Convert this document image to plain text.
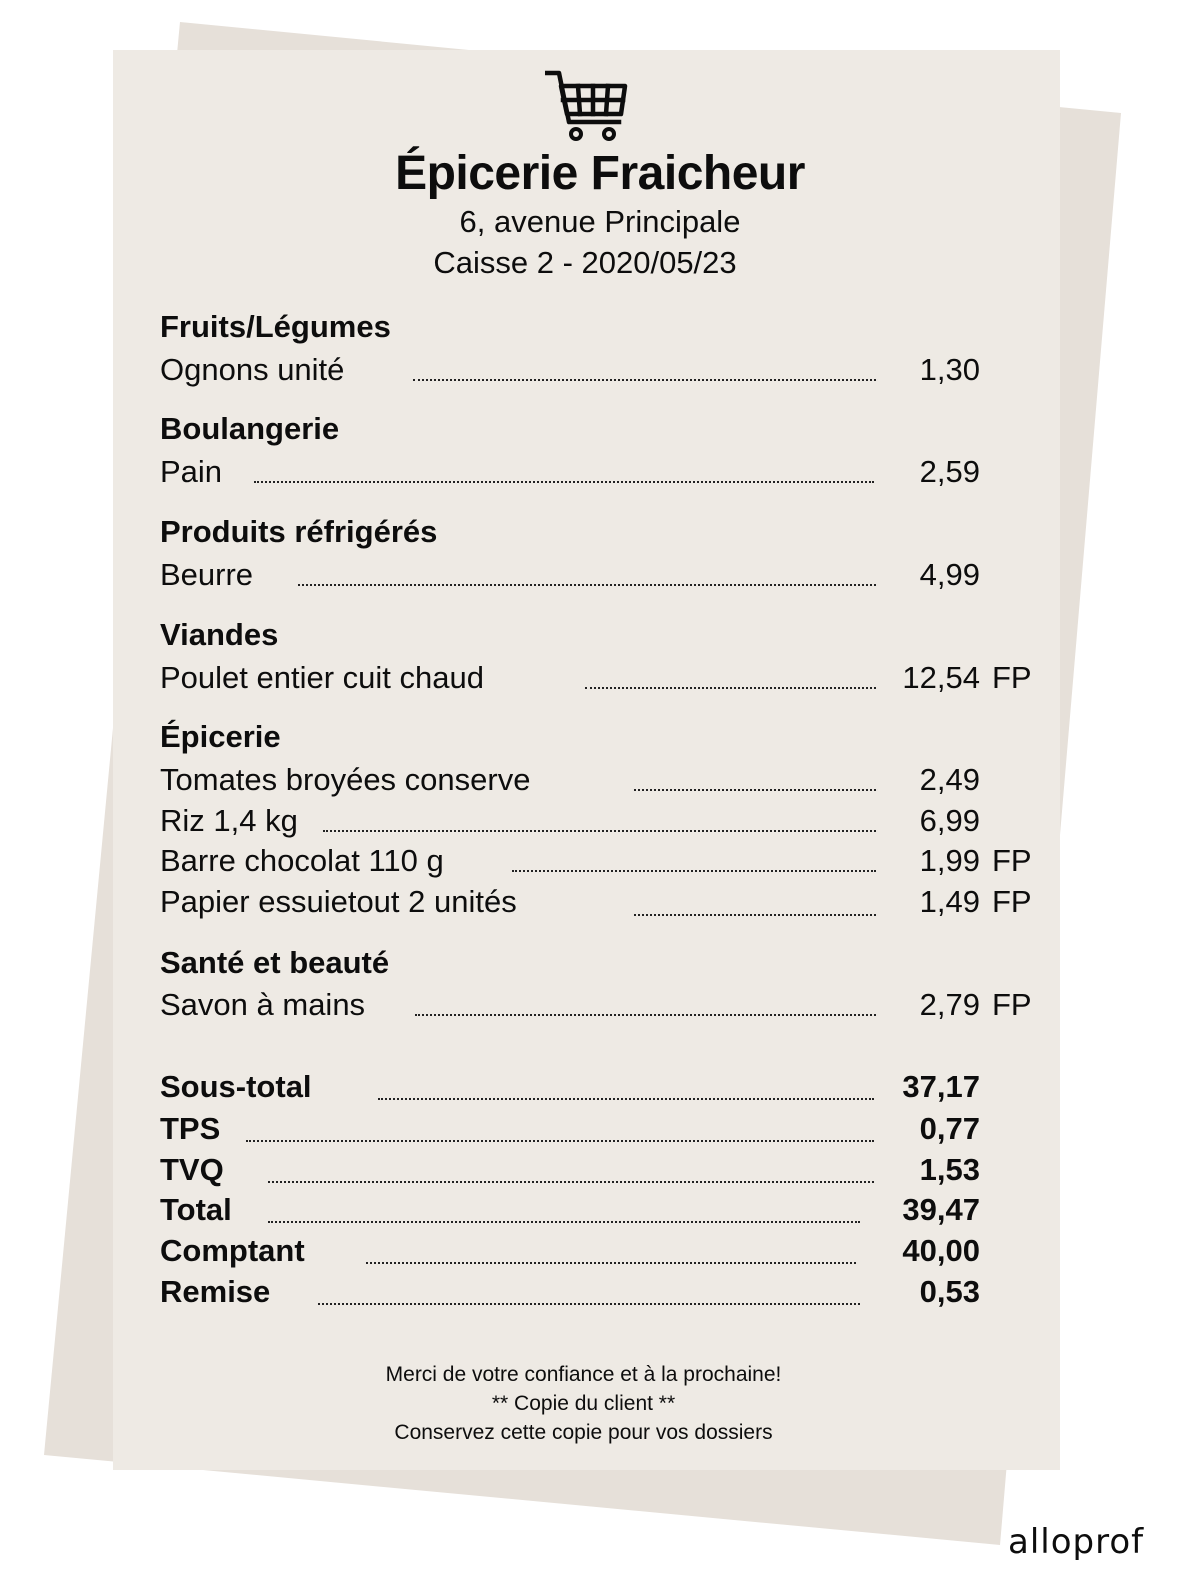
Épicerie Fraicheur
6, avenue Principale
Caisse 2 - 2020/05/23
Fruits/Légumes
Ognons unité	1,30
Boulangerie
Pain	2,59
Produits réfrigérés
Beurre	4,99
Viandes
Poulet entier cuit chaud	12,54 FP
Épicerie
Tomates broyées conserve	2,49
Riz 1,4 kg	6,99
Barre chocolat 110 g	1,99 FP
Papier essuietout 2 unités	1,49 FP
Santé et beauté
Savon à mains	2,79 FP
Sous-total	37,17
TPS	0,77
TVQ	1,53
Total	39,47
Comptant	40,00
Remise	0,53
Merci de votre confiance et à la prochaine!
** Copie du client **
Conservez cette copie pour vos dossiers
alloprof
